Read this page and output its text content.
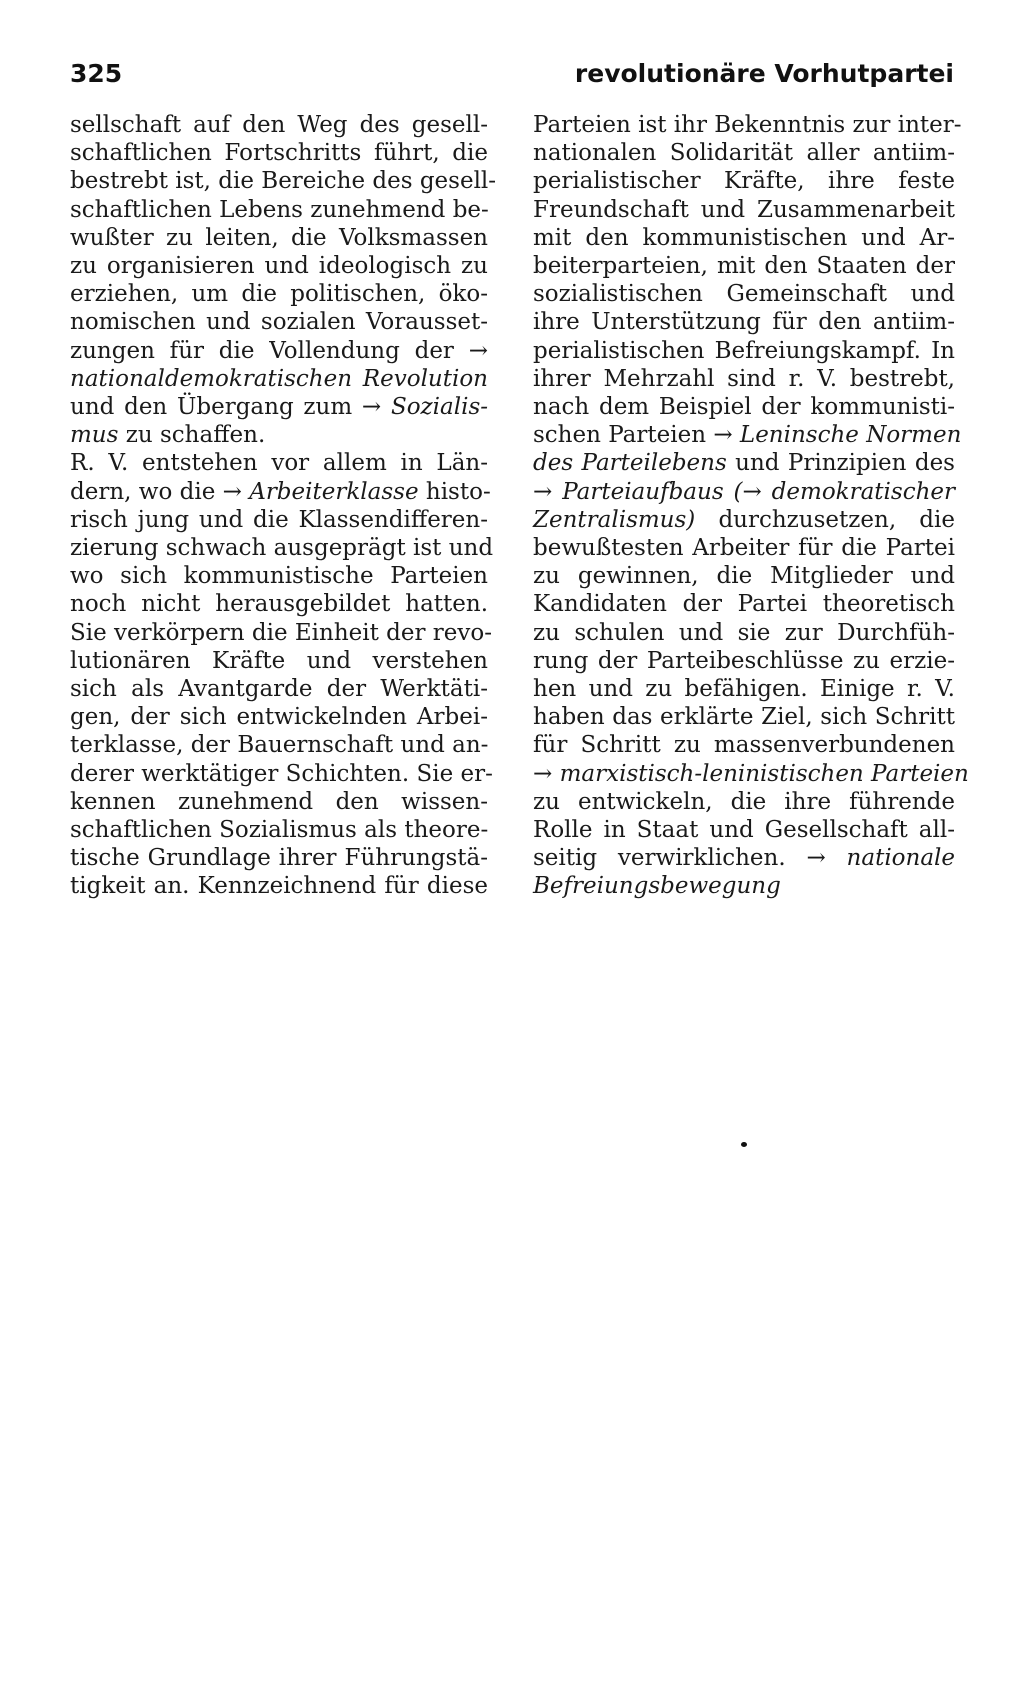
325	revolutionäre Vorhutpartei
sellschaft auf den Weg des gesell-
schaftlichen Fortschritts führt, die
bestrebt ist, die Bereiche des gesell-
schaftlichen Lebens zunehmend be-
wußter zu leiten, die Volksmassen
zu organisieren und ideologisch zu
erziehen, um die politischen, öko-
nomischen und sozialen Vorausset-
zungen für die Vollendung der →
nationaldemokratischen Revolution
und den Übergang zum → Sozialis-
mus zu schaffen.
R. V. entstehen vor allem in Län-
dern, wo die → Arbeiterklasse histo-
risch jung und die Klassendifferen-
zierung schwach ausgeprägt ist und
wo sich kommunistische Parteien
noch nicht herausgebildet hatten.
Sie verkörpern die Einheit der revo-
lutionären Kräfte und verstehen
sich als Avantgarde der Werktäti-
gen, der sich entwickelnden Arbei-
terklasse, der Bauernschaft und an-
derer werktätiger Schichten. Sie er-
kennen zunehmend den wissen-
schaftlichen Sozialismus als theore-
tische Grundlage ihrer Führungstä-
tigkeit an. Kennzeichnend für diese
Parteien ist ihr Bekenntnis zur inter-
nationalen Solidarität aller antiim-
perialistischer Kräfte, ihre feste
Freundschaft und Zusammenarbeit
mit den kommunistischen und Ar-
beiterparteien, mit den Staaten der
sozialistischen Gemeinschaft und
ihre Unterstützung für den antiim-
perialistischen Befreiungskampf. In
ihrer Mehrzahl sind r. V. bestrebt,
nach dem Beispiel der kommunisti-
schen Parteien → Leninsche Normen
des Parteilebens und Prinzipien des
→ Parteiaufbaus (→ demokratischer
Zentralismus) durchzusetzen, die
bewußtesten Arbeiter für die Partei
zu gewinnen, die Mitglieder und
Kandidaten der Partei theoretisch
zu schulen und sie zur Durchfüh-
rung der Parteibeschlüsse zu erzie-
hen und zu befähigen. Einige r. V.
haben das erklärte Ziel, sich Schritt
für Schritt zu massenverbundenen
→ marxistisch-leninistischen Parteien
zu entwickeln, die ihre führende
Rolle in Staat und Gesellschaft all-
seitig verwirklichen. → nationale
Befreiungsbewegung
